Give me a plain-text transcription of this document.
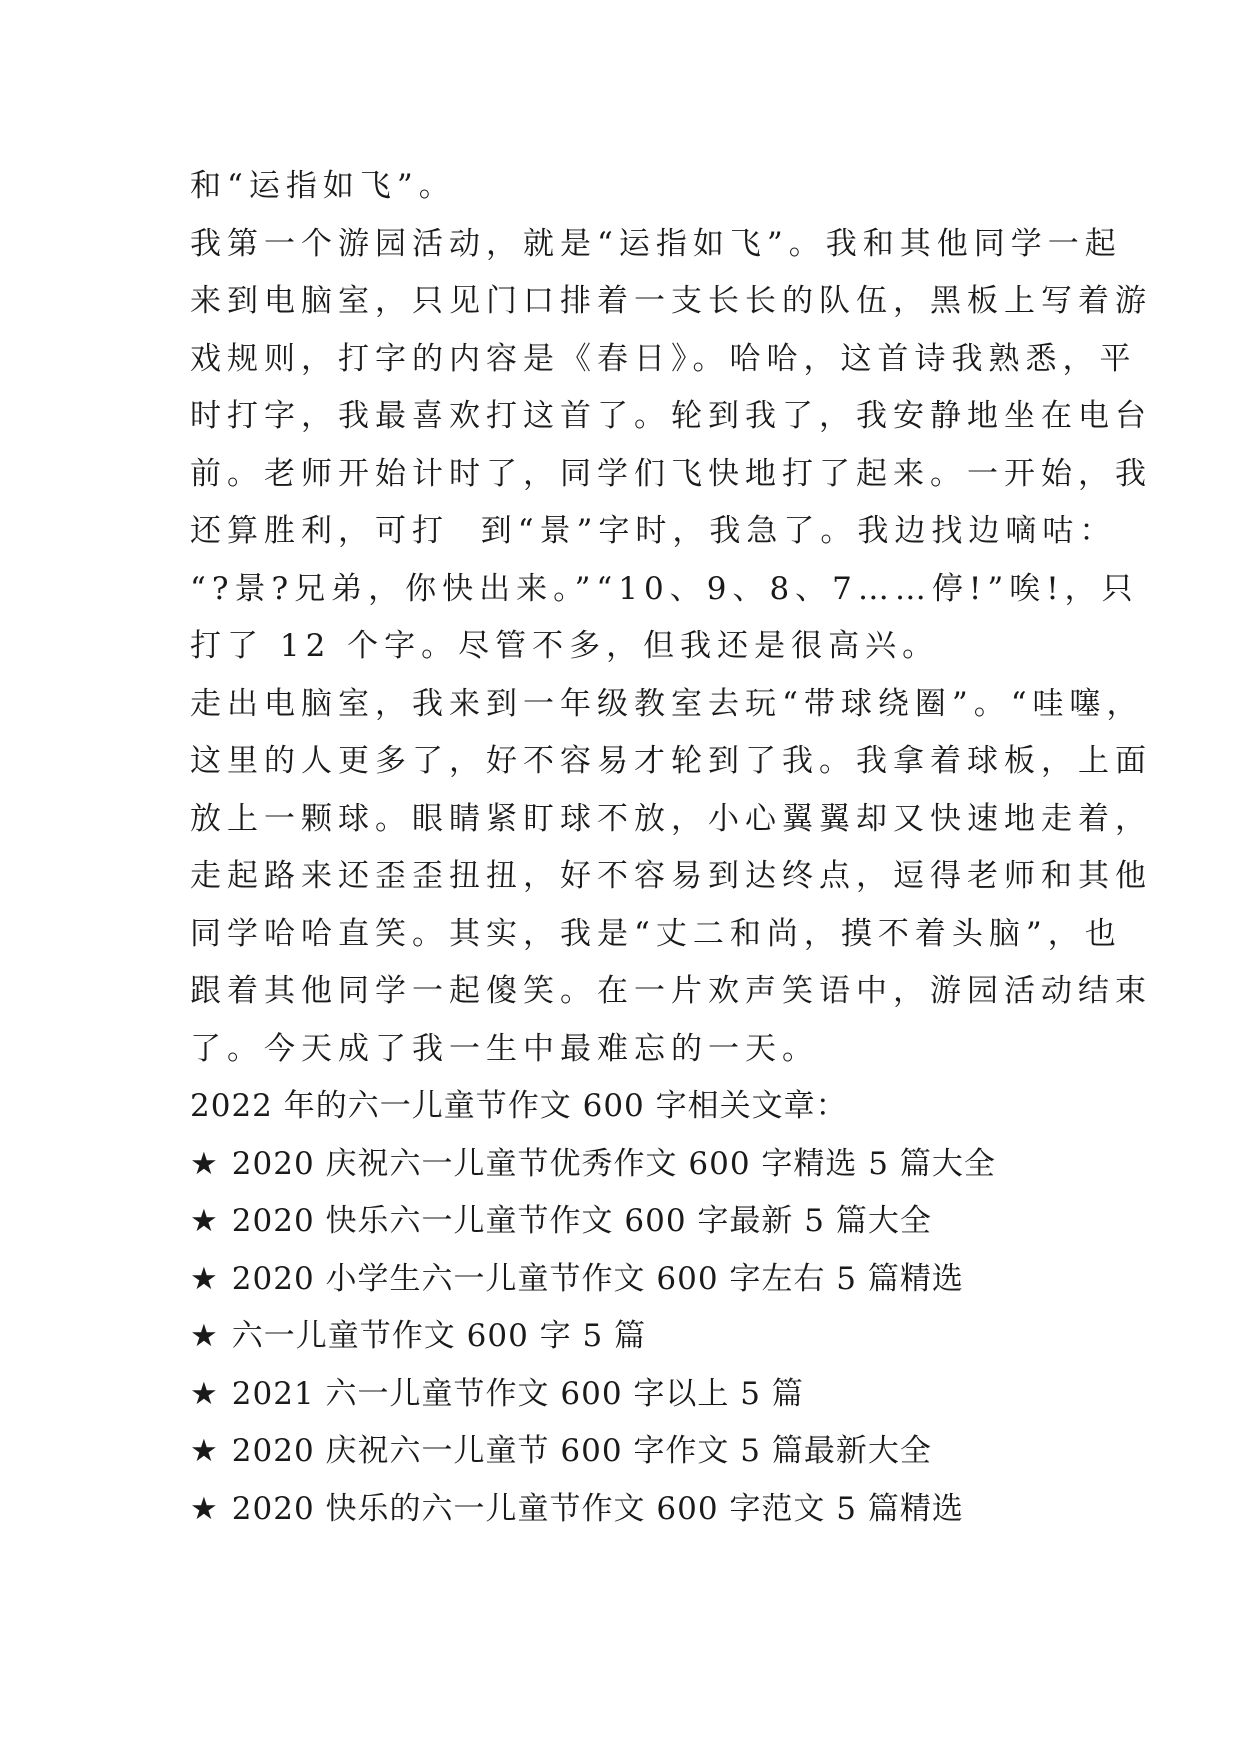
和“运指如飞”。
我第一个游园活动，就是“运指如飞”。我和其他同学一起
来到电脑室，只见门口排着一支长长的队伍，黑板上写着游
戏规则，打字的内容是《春日》。哈哈，这首诗我熟悉，平
时打字，我最喜欢打这首了。轮到我了，我安静地坐在电台
前。老师开始计时了，同学们飞快地打了起来。一开始，我
还算胜利，可打  到“景”字时，我急了。我边找边嘀咕：
“?景?兄弟，你快出来。”“10、9、8、7……停!”唉!，只
打了 12 个字。尽管不多，但我还是很高兴。
走出电脑室，我来到一年级教室去玩“带球绕圈”。“哇噻，
这里的人更多了，好不容易才轮到了我。我拿着球板，上面
放上一颗球。眼睛紧盯球不放，小心翼翼却又快速地走着，
走起路来还歪歪扭扭，好不容易到达终点，逗得老师和其他
同学哈哈直笑。其实，我是“丈二和尚，摸不着头脑”，也
跟着其他同学一起傻笑。在一片欢声笑语中，游园活动结束
了。今天成了我一生中最难忘的一天。
2022 年的六一儿童节作文 600 字相关文章：
★ 2020 庆祝六一儿童节优秀作文 600 字精选 5 篇大全
★ 2020 快乐六一儿童节作文 600 字最新 5 篇大全
★ 2020 小学生六一儿童节作文 600 字左右 5 篇精选
★ 六一儿童节作文 600 字 5 篇
★ 2021 六一儿童节作文 600 字以上 5 篇
★ 2020 庆祝六一儿童节 600 字作文 5 篇最新大全
★ 2020 快乐的六一儿童节作文 600 字范文 5 篇精选
